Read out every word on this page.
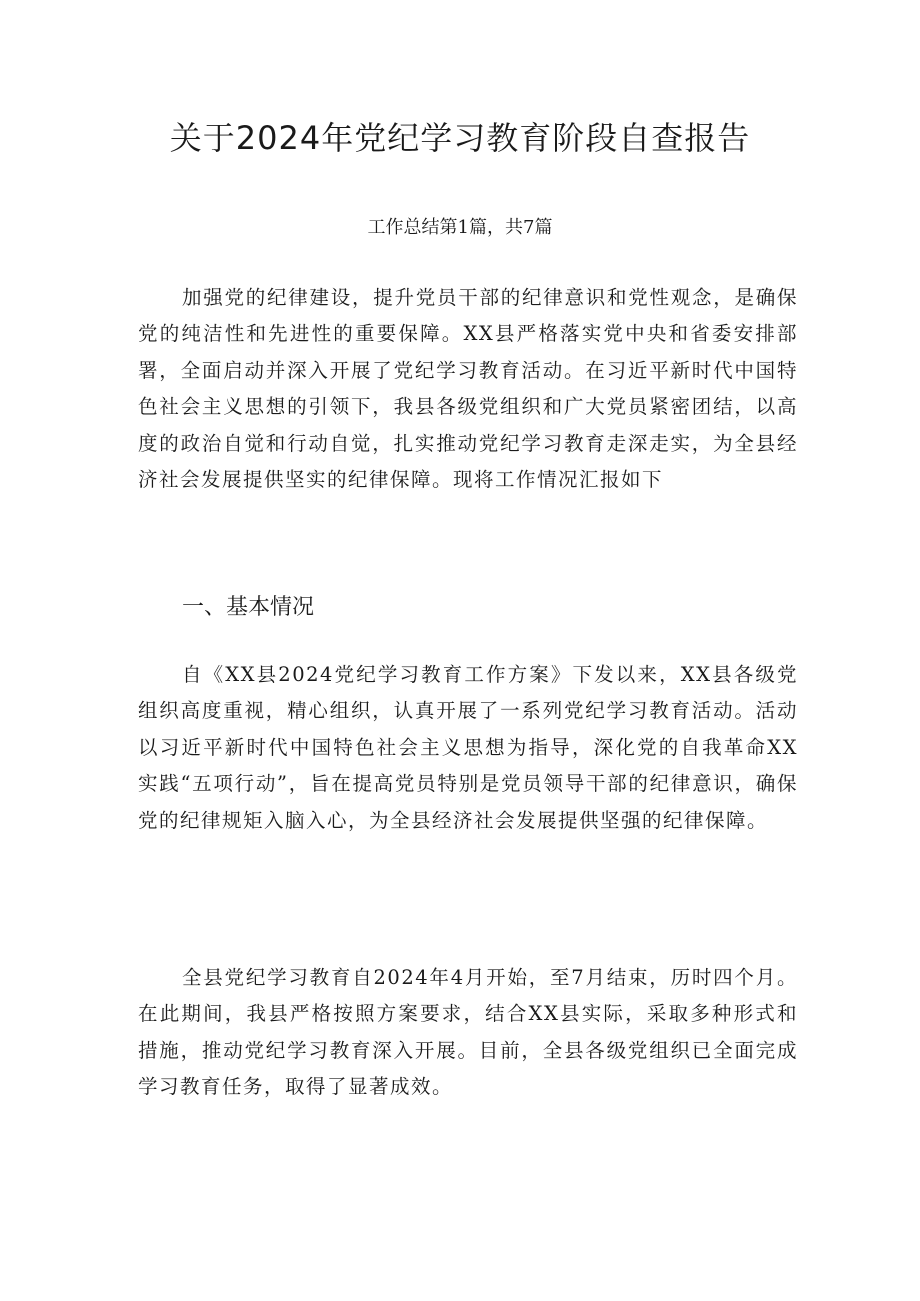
关于2024年党纪学习教育阶段自查报告

工作总结第1篇，共7篇

加强党的纪律建设，提升党员干部的纪律意识和党性观念，是确保党的纯洁性和先进性的重要保障。XX县严格落实党中央和省委安排部署，全面启动并深入开展了党纪学习教育活动。在习近平新时代中国特色社会主义思想的引领下，我县各级党组织和广大党员紧密团结，以高度的政治自觉和行动自觉，扎实推动党纪学习教育走深走实，为全县经济社会发展提供坚实的纪律保障。现将工作情况汇报如下

一、基本情况

自《XX县2024党纪学习教育工作方案》下发以来，XX县各级党组织高度重视，精心组织，认真开展了一系列党纪学习教育活动。活动以习近平新时代中国特色社会主义思想为指导，深化党的自我革命XX实践“五项行动”，旨在提高党员特别是党员领导干部的纪律意识，确保党的纪律规矩入脑入心，为全县经济社会发展提供坚强的纪律保障。

全县党纪学习教育自2024年4月开始，至7月结束，历时四个月。在此期间，我县严格按照方案要求，结合XX县实际，采取多种形式和措施，推动党纪学习教育深入开展。目前，全县各级党组织已全面完成学习教育任务，取得了显著成效。
